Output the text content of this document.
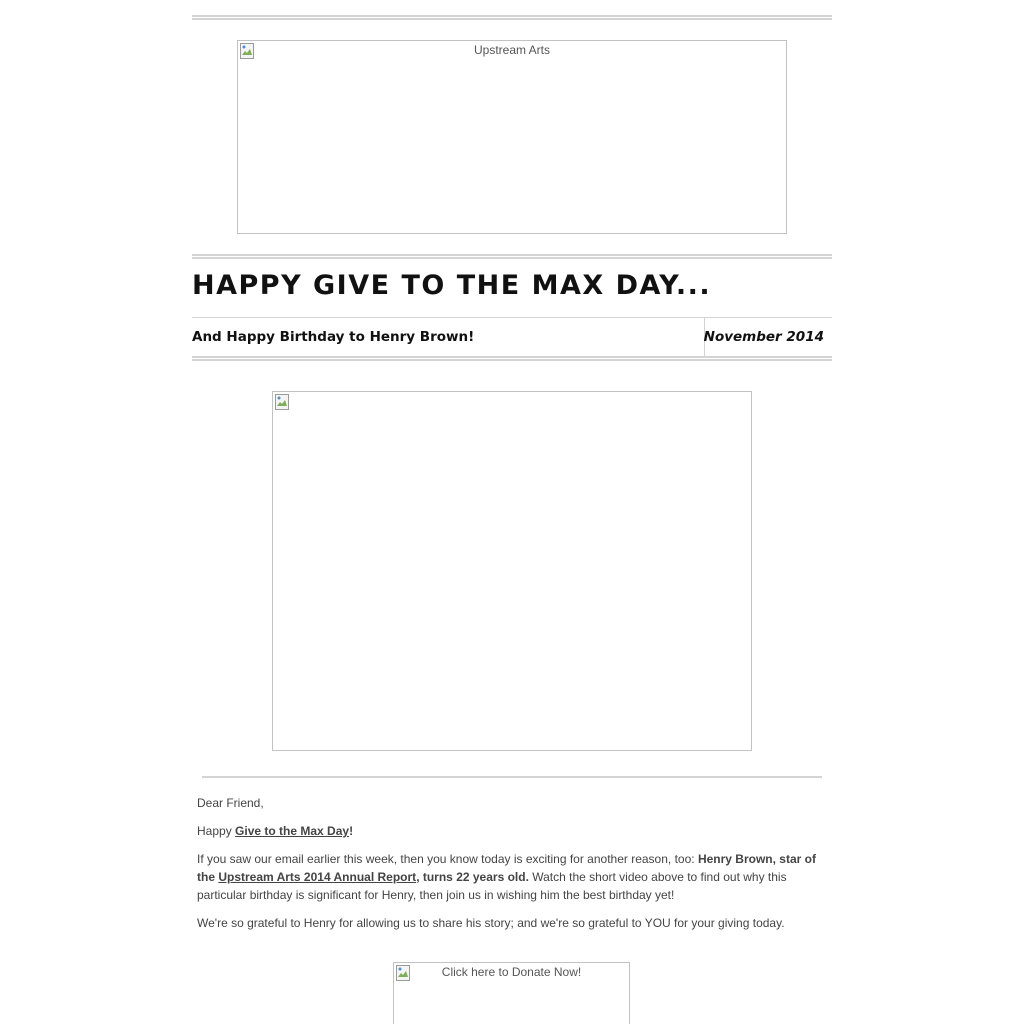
Upstream Arts
HAPPY GIVE TO THE MAX DAY...
And Happy Birthday to Henry Brown!	November 2014
Dear Friend,
Happy Give to the Max Day!
If you saw our email earlier this week, then you know today is exciting for another reason, too: Henry Brown, star of the Upstream Arts 2014 Annual Report, turns 22 years old. Watch the short video above to find out why this particular birthday is significant for Henry, then join us in wishing him the best birthday yet!
We're so grateful to Henry for allowing us to share his story; and we're so grateful to YOU for your giving today.
Click here to Donate Now!
